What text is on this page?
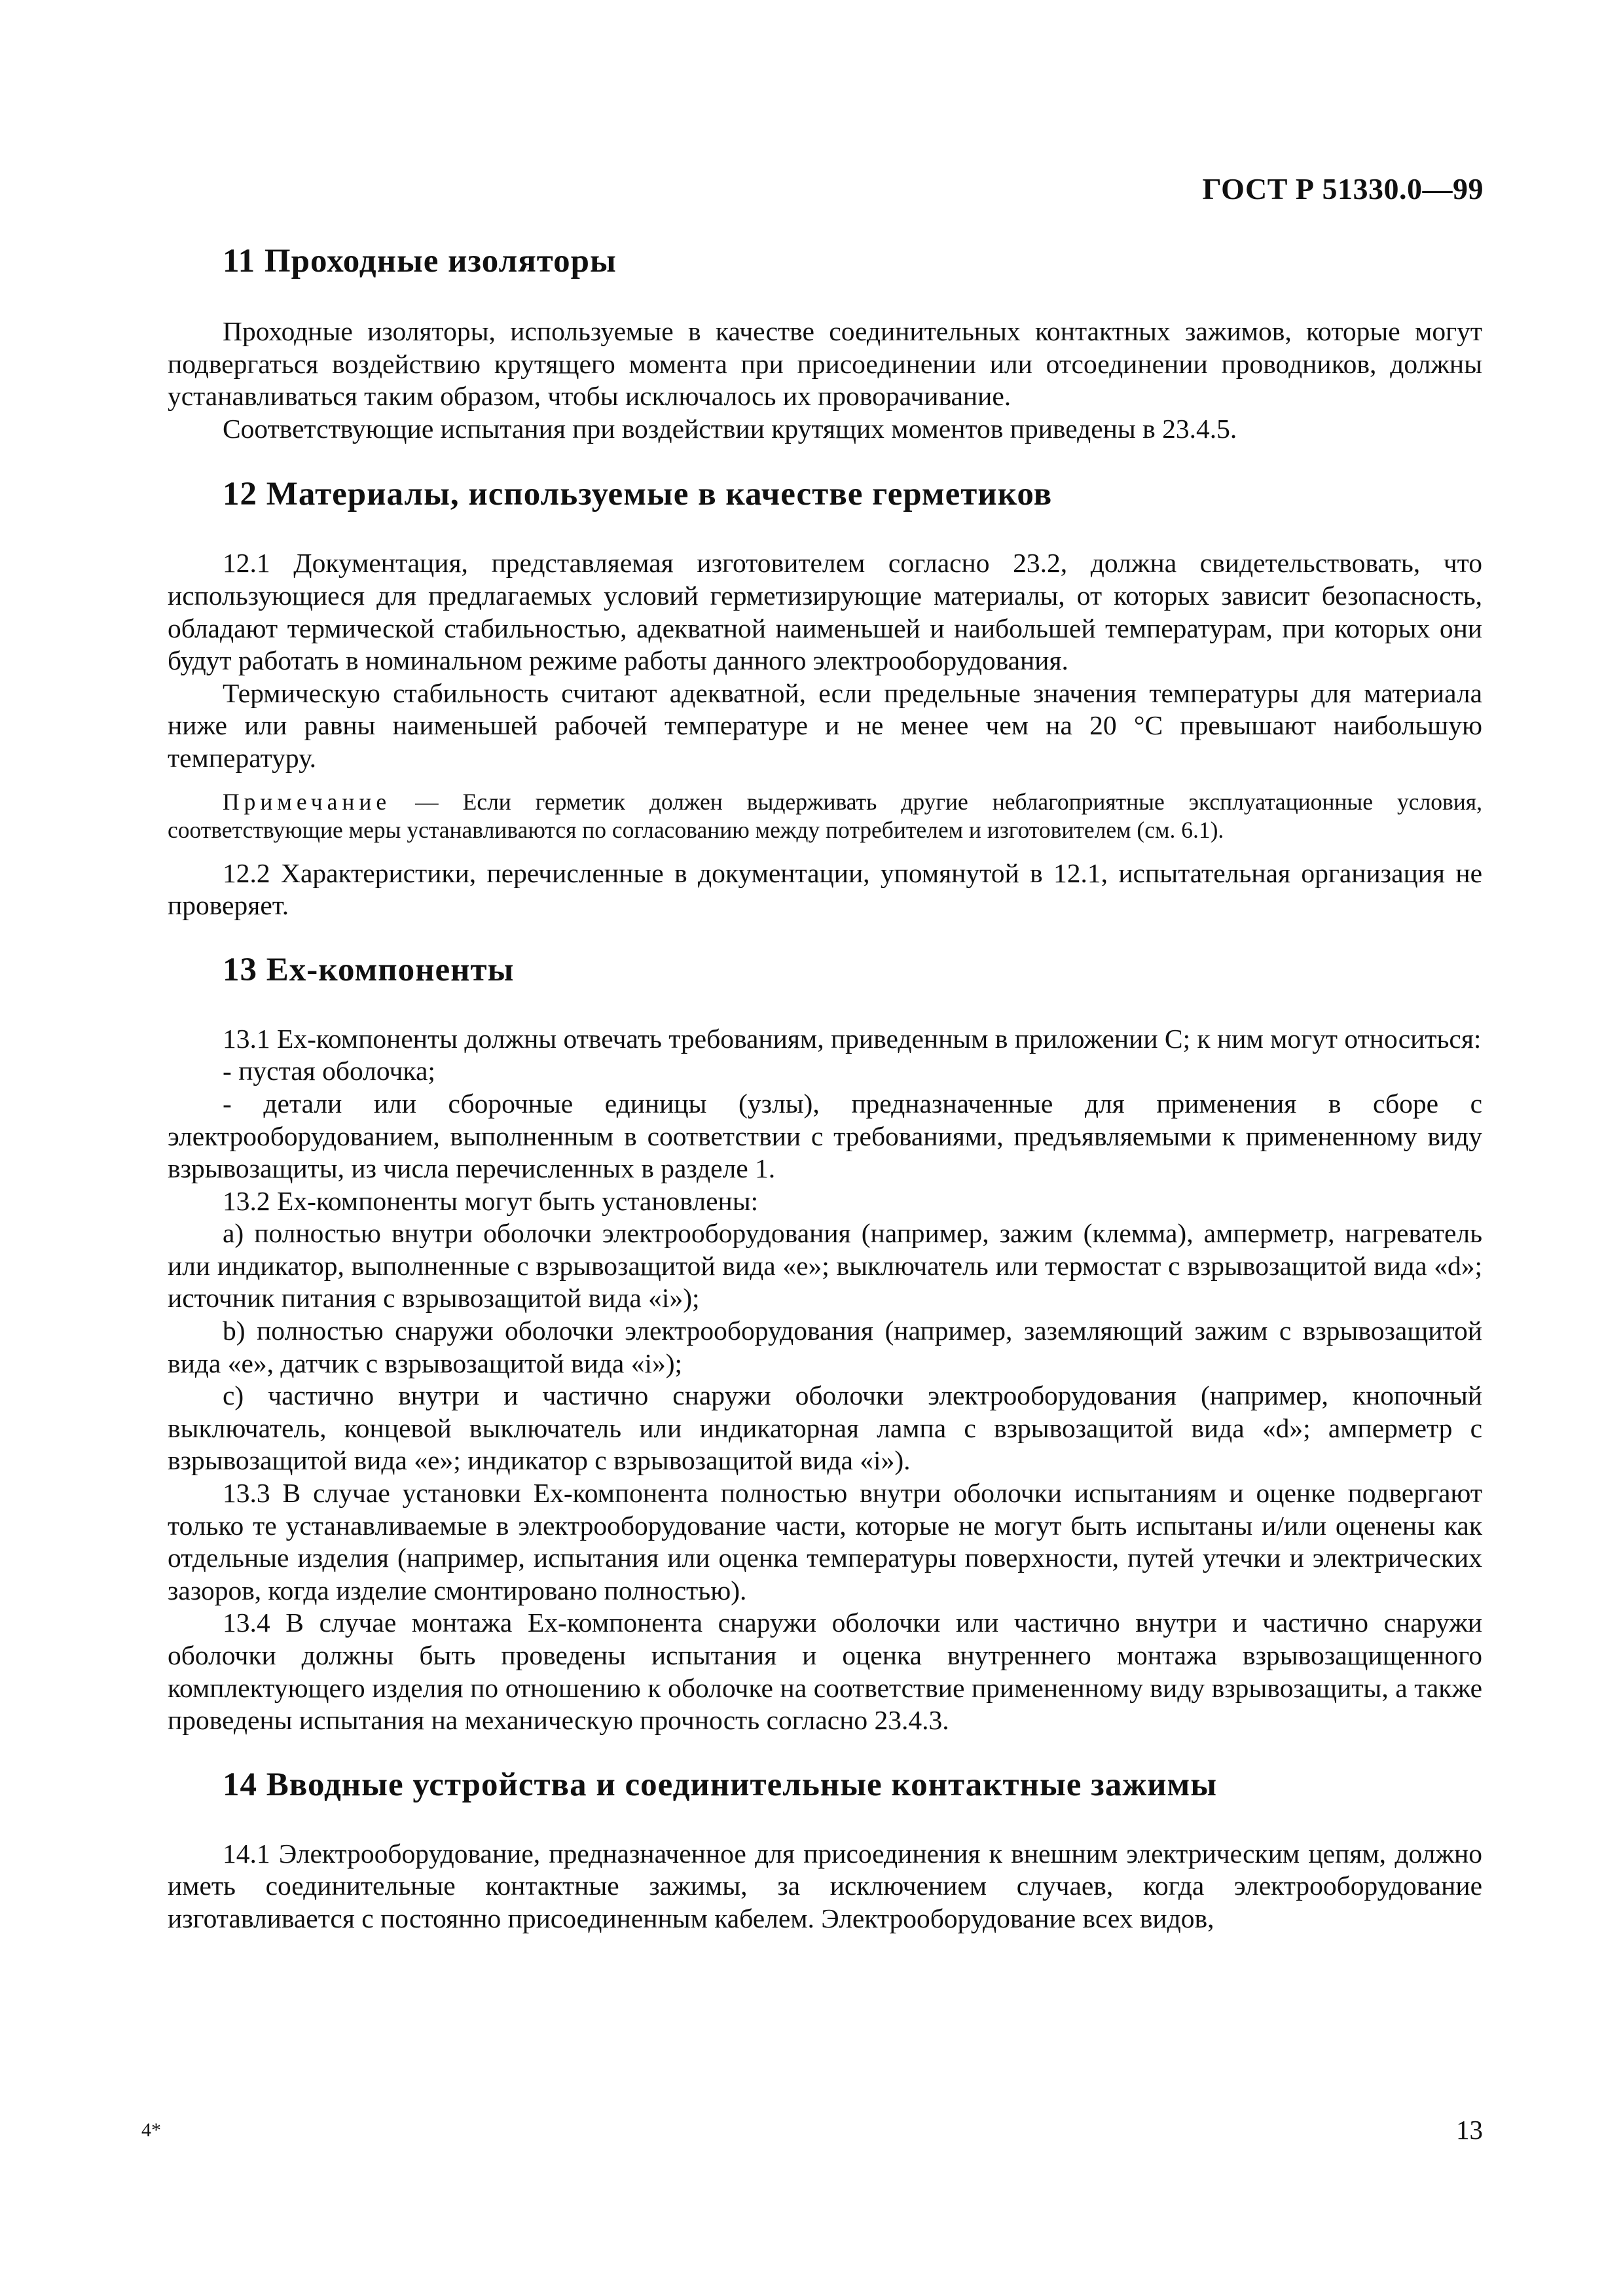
ГОСТ Р 51330.0—99
11 Проходные изоляторы

Проходные изоляторы, используемые в качестве соединительных контактных зажимов, которые могут подвергаться воздействию крутящего момента при присоединении или отсоединении проводников, должны устанавливаться таким образом, чтобы исключалось их проворачивание.

Соответствующие испытания при воздействии крутящих моментов приведены в 23.4.5.

12 Материалы, используемые в качестве герметиков

12.1 Документация, представляемая изготовителем согласно 23.2, должна свидетельствовать, что использующиеся для предлагаемых условий герметизирующие материалы, от которых зависит безопасность, обладают термической стабильностью, адекватной наименьшей и наибольшей температурам, при которых они будут работать в номинальном режиме работы данного электрооборудования.

Термическую стабильность считают адекватной, если предельные значения температуры для материала ниже или равны наименьшей рабочей температуре и не менее чем на 20 °С превышают наибольшую температуру.

Примечание — Если герметик должен выдерживать другие неблагоприятные эксплуатационные условия, соответствующие меры устанавливаются по согласованию между потребителем и изготовителем (см. 6.1).

12.2 Характеристики, перечисленные в документации, упомянутой в 12.1, испытательная организация не проверяет.

13 Ех-компоненты

13.1 Ех-компоненты должны отвечать требованиям, приведенным в приложении С; к ним могут относиться:

- пустая оболочка;

- детали или сборочные единицы (узлы), предназначенные для применения в сборе с электрооборудованием, выполненным в соответствии с требованиями, предъявляемыми к примененному виду взрывозащиты, из числа перечисленных в разделе 1.

13.2 Ех-компоненты могут быть установлены:

а) полностью внутри оболочки электрооборудования (например, зажим (клемма), амперметр, нагреватель или индикатор, выполненные с взрывозащитой вида «е»; выключатель или термостат с взрывозащитой вида «d»; источник питания с взрывозащитой вида «i»);

b) полностью снаружи оболочки электрооборудования (например, заземляющий зажим с взрывозащитой вида «е», датчик с взрывозащитой вида «i»);

с) частично внутри и частично снаружи оболочки электрооборудования (например, кнопочный выключатель, концевой выключатель или индикаторная лампа с взрывозащитой вида «d»; амперметр с взрывозащитой вида «е»; индикатор с взрывозащитой вида «i»).

13.3 В случае установки Ех-компонента полностью внутри оболочки испытаниям и оценке подвергают только те устанавливаемые в электрооборудование части, которые не могут быть испытаны и/или оценены как отдельные изделия (например, испытания или оценка температуры поверхности, путей утечки и электрических зазоров, когда изделие смонтировано полностью).

13.4 В случае монтажа Ех-компонента снаружи оболочки или частично внутри и частично снаружи оболочки должны быть проведены испытания и оценка внутреннего монтажа взрывозащищенного комплектующего изделия по отношению к оболочке на соответствие примененному виду взрывозащиты, а также проведены испытания на механическую прочность согласно 23.4.3.

14 Вводные устройства и соединительные контактные зажимы

14.1 Электрооборудование, предназначенное для присоединения к внешним электрическим цепям, должно иметь соединительные контактные зажимы, за исключением случаев, когда электрооборудование изготавливается с постоянно присоединенным кабелем. Электрооборудование всех видов,

4*	13
